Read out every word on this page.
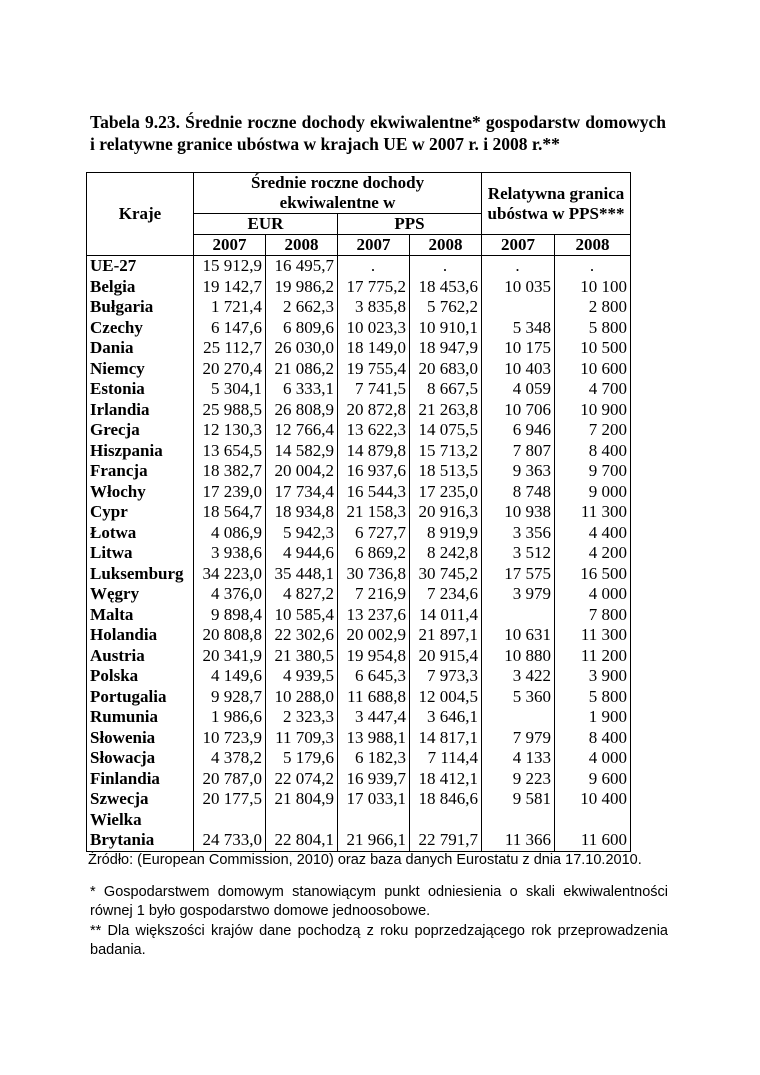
Tabela 9.23. Średnie roczne dochody ekwiwalentne* gospodarstw domowych i relatywne granice ubóstwa w krajach UE w 2007 r. i 2008 r.**

Kraje	Średnie roczne dochody ekwiwalentne w				Relatywna granica ubóstwa w PPS***	
	EUR		PPS			
	2007	2008	2007	2008	2007	2008
UE-27	15 912,9	16 495,7	.	.	.	.
Belgia	19 142,7	19 986,2	17 775,2	18 453,6	10 035	10 100
Bułgaria	1 721,4	2 662,3	3 835,8	5 762,2		2 800
Czechy	6 147,6	6 809,6	10 023,3	10 910,1	5 348	5 800
Dania	25 112,7	26 030,0	18 149,0	18 947,9	10 175	10 500
Niemcy	20 270,4	21 086,2	19 755,4	20 683,0	10 403	10 600
Estonia	5 304,1	6 333,1	7 741,5	8 667,5	4 059	4 700
Irlandia	25 988,5	26 808,9	20 872,8	21 263,8	10 706	10 900
Grecja	12 130,3	12 766,4	13 622,3	14 075,5	6 946	7 200
Hiszpania	13 654,5	14 582,9	14 879,8	15 713,2	7 807	8 400
Francja	18 382,7	20 004,2	16 937,6	18 513,5	9 363	9 700
Włochy	17 239,0	17 734,4	16 544,3	17 235,0	8 748	9 000
Cypr	18 564,7	18 934,8	21 158,3	20 916,3	10 938	11 300
Łotwa	4 086,9	5 942,3	6 727,7	8 919,9	3 356	4 400
Litwa	3 938,6	4 944,6	6 869,2	8 242,8	3 512	4 200
Luksemburg	34 223,0	35 448,1	30 736,8	30 745,2	17 575	16 500
Węgry	4 376,0	4 827,2	7 216,9	7 234,6	3 979	4 000
Malta	9 898,4	10 585,4	13 237,6	14 011,4		7 800
Holandia	20 808,8	22 302,6	20 002,9	21 897,1	10 631	11 300
Austria	20 341,9	21 380,5	19 954,8	20 915,4	10 880	11 200
Polska	4 149,6	4 939,5	6 645,3	7 973,3	3 422	3 900
Portugalia	9 928,7	10 288,0	11 688,8	12 004,5	5 360	5 800
Rumunia	1 986,6	2 323,3	3 447,4	3 646,1		1 900
Słowenia	10 723,9	11 709,3	13 988,1	14 817,1	7 979	8 400
Słowacja	4 378,2	5 179,6	6 182,3	7 114,4	4 133	4 000
Finlandia	20 787,0	22 074,2	16 939,7	18 412,1	9 223	9 600
Szwecja	20 177,5	21 804,9	17 033,1	18 846,6	9 581	10 400
Wielka
Brytania	24 733,0	22 804,1	21 966,1	22 791,7	11 366	11 600

Źródło: (European Commission, 2010) oraz baza danych Eurostatu z dnia 17.10.2010.

* Gospodarstwem domowym stanowiącym punkt odniesienia o skali ekwiwalentności równej 1 było gospodarstwo domowe jednoosobowe.

** Dla większości krajów dane pochodzą z roku poprzedzającego rok przeprowadzenia badania.
